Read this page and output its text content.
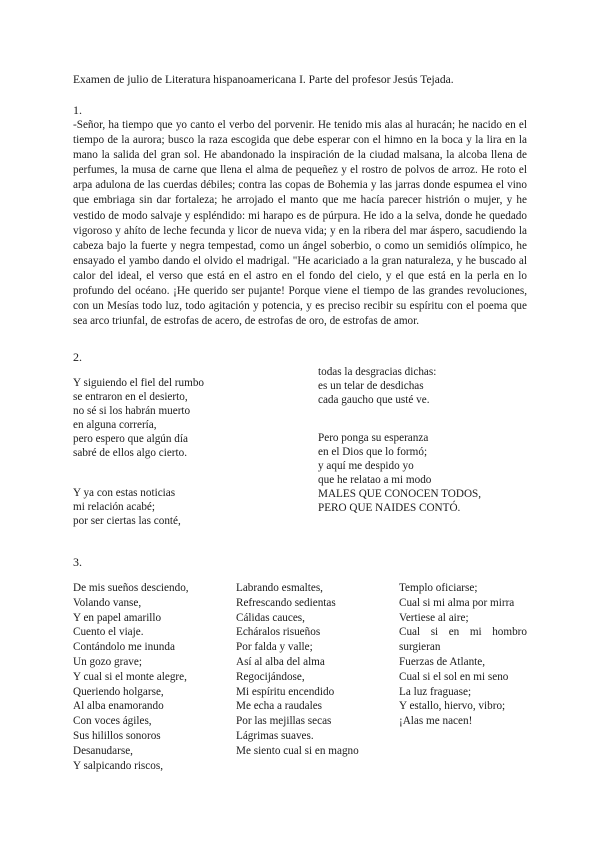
Examen de julio de Literatura hispanoamericana I. Parte del profesor Jesús Tejada.
1.
-Señor, ha tiempo que yo canto el verbo del porvenir. He tenido mis alas al huracán; he nacido en el tiempo de la aurora; busco la raza escogida que debe esperar con el himno en la boca y la lira en la mano la salida del gran sol. He abandonado la inspiración de la ciudad malsana, la alcoba llena de perfumes, la musa de carne que llena el alma de pequeñez y el rostro de polvos de arroz. He roto el arpa adulona de las cuerdas débiles; contra las copas de Bohemia y las jarras donde espumea el vino que embriaga sin dar fortaleza; he arrojado el manto que me hacía parecer histrión o mujer, y he vestido de modo salvaje y espléndido: mi harapo es de púrpura. He ido a la selva, donde he quedado vigoroso y ahíto de leche fecunda y licor de nueva vida; y en la ribera del mar áspero, sacudiendo la cabeza bajo la fuerte y negra tempestad, como un ángel soberbio, o como un semidiós olímpico, he ensayado el yambo dando el olvido el madrigal. "He acariciado a la gran naturaleza, y he buscado al calor del ideal, el verso que está en el astro en el fondo del cielo, y el que está en la perla en lo profundo del océano. ¡He querido ser pujante! Porque viene el tiempo de las grandes revoluciones, con un Mesías todo luz, todo agitación y potencia, y es preciso recibir su espíritu con el poema que sea arco triunfal, de estrofas de acero, de estrofas de oro, de estrofas de amor.
2.
Y siguiendo el fiel del rumbo
se entraron en el desierto,
no sé si los habrán muerto
en alguna correría,
pero espero que algún día
sabré de ellos algo cierto.
Y ya con estas noticias
mi relación acabé;
por ser ciertas las conté,
todas la desgracias dichas:
es un telar de desdichas
cada gaucho que usté ve.
Pero ponga su esperanza
en el Dios que lo formó;
y aquí me despido yo
que he relatao a mi modo
MALES QUE CONOCEN TODOS,
PERO QUE NAIDES CONTÓ.
3.
De mis sueños desciendo,
Volando vanse,
Y en papel amarillo
Cuento el viaje.
Contándolo me inunda
Un gozo grave;
Y cual si el monte alegre,
Queriendo holgarse,
Al alba enamorando
Con voces ágiles,
Sus hilillos sonoros
Desanudarse,
Y salpicando riscos,
Labrando esmaltes,
Refrescando sedientas
Cálidas cauces,
Echáralos risueños
Por falda y valle;
Así al alba del alma
Regocijándose,
Mi espíritu encendido
Me echa a raudales
Por las mejillas secas
Lágrimas suaves.
Me siento cual si en magno
Templo oficiarse;
Cual si mi alma por mirra
Vertiese al aire;
Cual si en mi hombro surgieran
Fuerzas de Atlante,
Cual si el sol en mi seno
La luz fraguase;
Y estallo, hiervo, vibro;
¡Alas me nacen!
